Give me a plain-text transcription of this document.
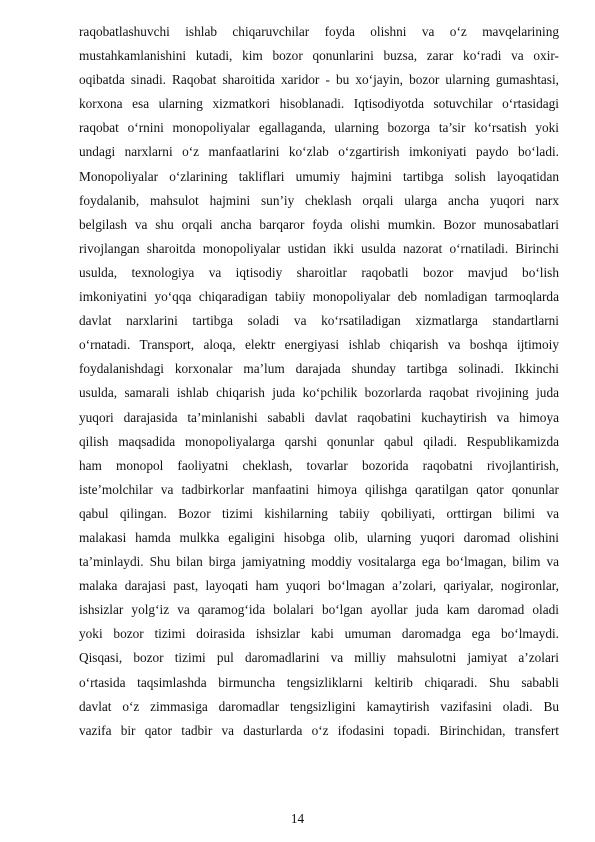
raqobatlashuvchi ishlab chiqaruvchilar foyda olishni va o‘z mavqelarining
mustahkamlanishini kutadi, kim bozor qonunlarini buzsa, zarar ko‘radi va oxir-
oqibatda sinadi. Raqobat sharoitida xaridor - bu xo‘jayin, bozor ularning gumashtasi,
korxona esa ularning xizmatkori hisoblanadi. Iqtisodiyotda sotuvchilar o‘rtasidagi
raqobat o‘rnini monopoliyalar egallaganda, ularning bozorga ta’sir ko‘rsatish yoki
undagi narxlarni o‘z manfaatlarini ko‘zlab o‘zgartirish imkoniyati paydo bo‘ladi.
Monopoliyalar o‘zlarining takliflari umumiy hajmini tartibga solish layoqatidan
foydalanib, mahsulot hajmini sun’iy cheklash orqali ularga ancha yuqori narx
belgilash va shu orqali ancha barqaror foyda olishi mumkin. Bozor munosabatlari
rivojlangan sharoitda monopoliyalar ustidan ikki usulda nazorat o‘rnatiladi. Birinchi
usulda, texnologiya va iqtisodiy sharoitlar raqobatli bozor mavjud bo‘lish
imkoniyatini yo‘qqa chiqaradigan tabiiy monopoliyalar deb nomladigan tarmoqlarda
davlat narxlarini tartibga soladi va ko‘rsatiladigan xizmatlarga standartlarni
o‘rnatadi. Transport, aloqa, elektr energiyasi ishlab chiqarish va boshqa ijtimoiy
foydalanishdagi korxonalar ma’lum darajada shunday tartibga solinadi. Ikkinchi
usulda, samarali ishlab chiqarish juda ko‘pchilik bozorlarda raqobat rivojining juda
yuqori darajasida ta’minlanishi sababli davlat raqobatini kuchaytirish va himoya
qilish maqsadida monopoliyalarga qarshi qonunlar qabul qiladi. Respublikamizda
ham monopol faoliyatni cheklash, tovarlar bozorida raqobatni rivojlantirish,
iste’molchilar va tadbirkorlar manfaatini himoya qilishga qaratilgan qator qonunlar
qabul qilingan. Bozor tizimi kishilarning tabiiy qobiliyati, orttirgan bilimi va
malakasi hamda mulkka egaligini hisobga olib, ularning yuqori daromad olishini
ta’minlaydi. Shu bilan birga jamiyatning moddiy vositalarga ega bo‘lmagan, bilim va
malaka darajasi past, layoqati ham yuqori bo‘lmagan a’zolari, qariyalar, nogironlar,
ishsizlar yolg‘iz va qaramog‘ida bolalari bo‘lgan ayollar juda kam daromad oladi
yoki bozor tizimi doirasida ishsizlar kabi umuman daromadga ega bo‘lmaydi.
Qisqasi, bozor tizimi pul daromadlarini va milliy mahsulotni jamiyat a’zolari
o‘rtasida taqsimlashda birmuncha tengsizliklarni keltirib chiqaradi. Shu sababli
davlat o‘z zimmasiga daromadlar tengsizligini kamaytirish vazifasini oladi. Bu
vazifa bir qator tadbir va dasturlarda o‘z ifodasini topadi. Birinchidan, transfert
14
